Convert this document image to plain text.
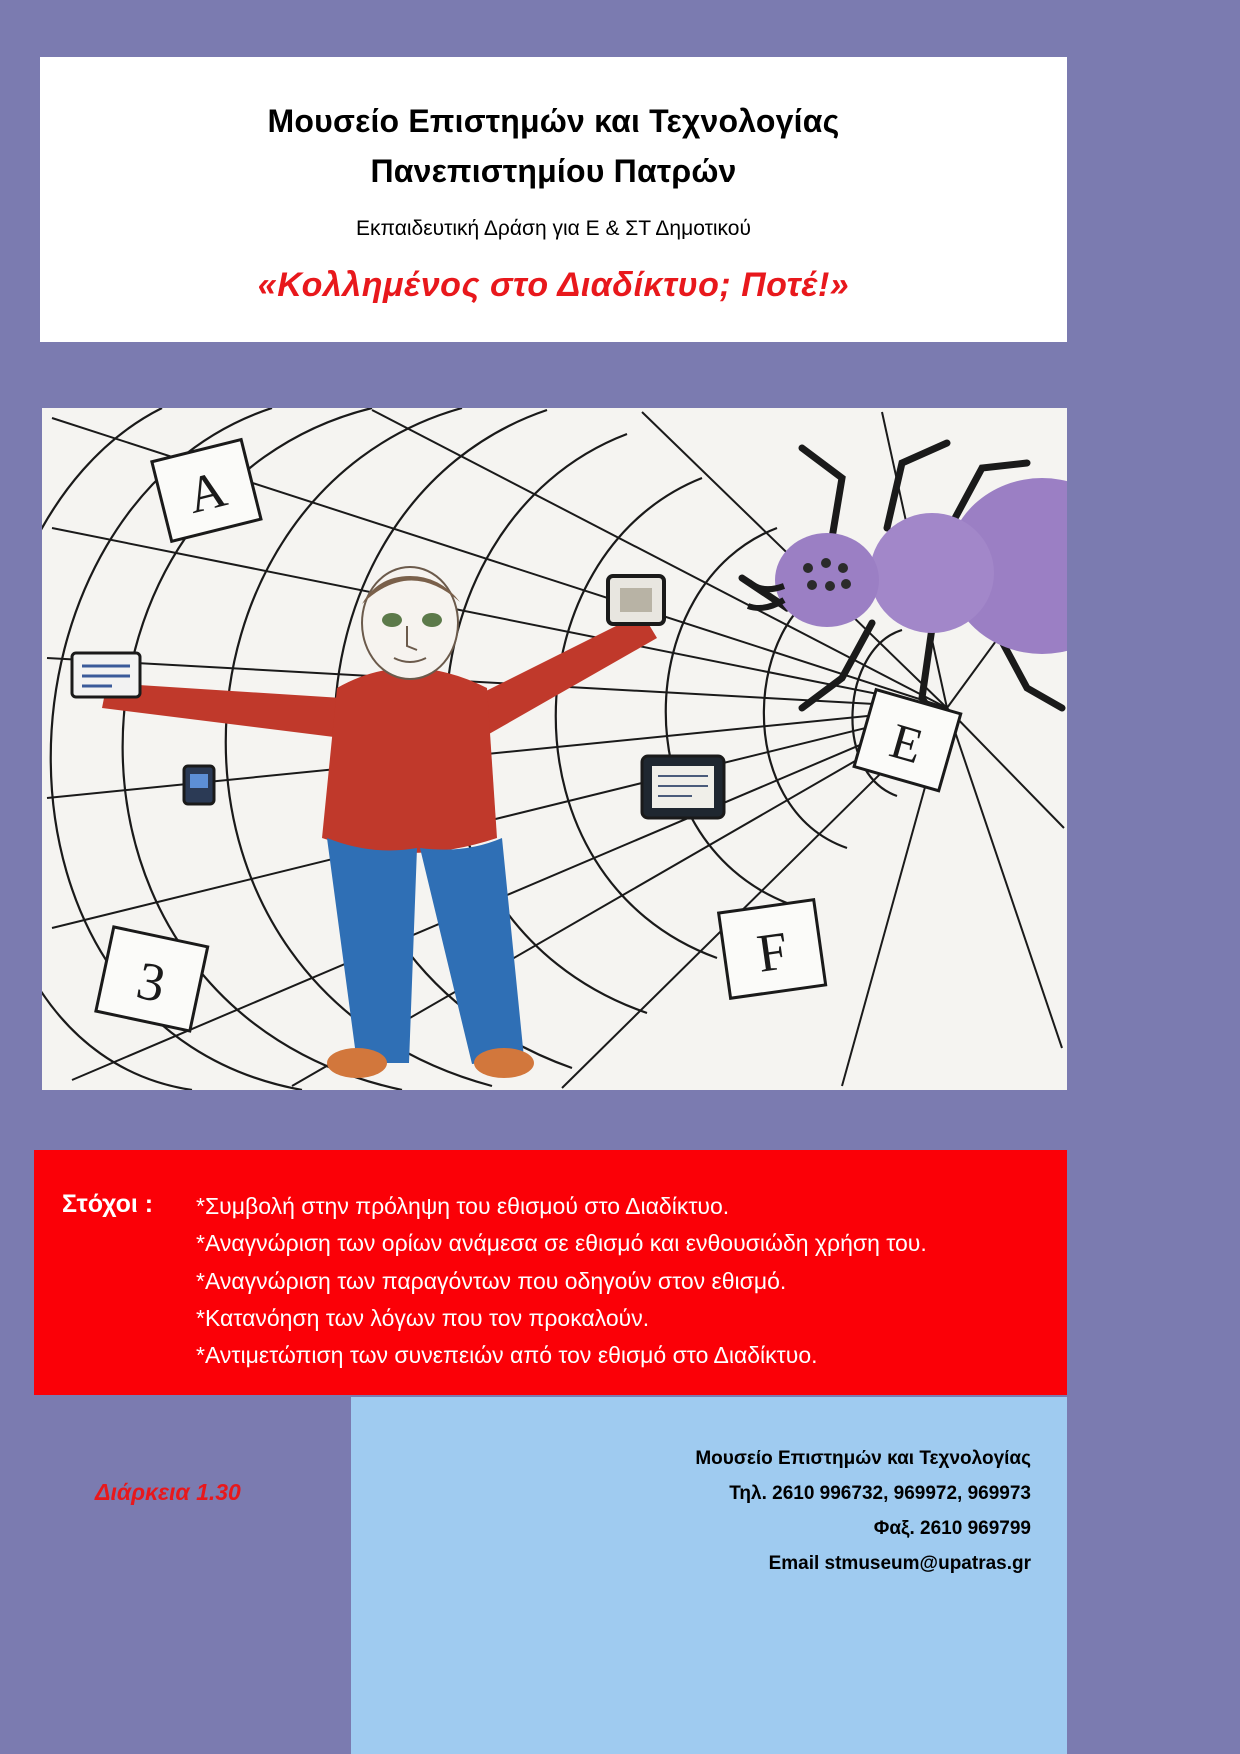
Μουσείο Επιστημών και Τεχνολογίας
Πανεπιστημίου Πατρών
Εκπαιδευτική Δράση για Ε & ΣΤ Δημοτικού
«Κολλημένος στο Διαδίκτυο; Ποτέ!»
A
3	F
E
Στόχοι : *Συμβολή στην πρόληψη του εθισμού στο Διαδίκτυο.
*Αναγνώριση των ορίων ανάμεσα σε εθισμό και ενθουσιώδη χρήση του.
*Αναγνώριση των παραγόντων που οδηγούν στον εθισμό.
*Κατανόηση των λόγων που τον προκαλούν.
*Αντιμετώπιση των συνεπειών από τον εθισμό στο Διαδίκτυο.
Μουσείο Επιστημών και Τεχνολογίας
Τηλ. 2610 996732, 969972, 969973
Φαξ. 2610 969799
Email stmuseum@upatras.gr
Διάρκεια 1.30
